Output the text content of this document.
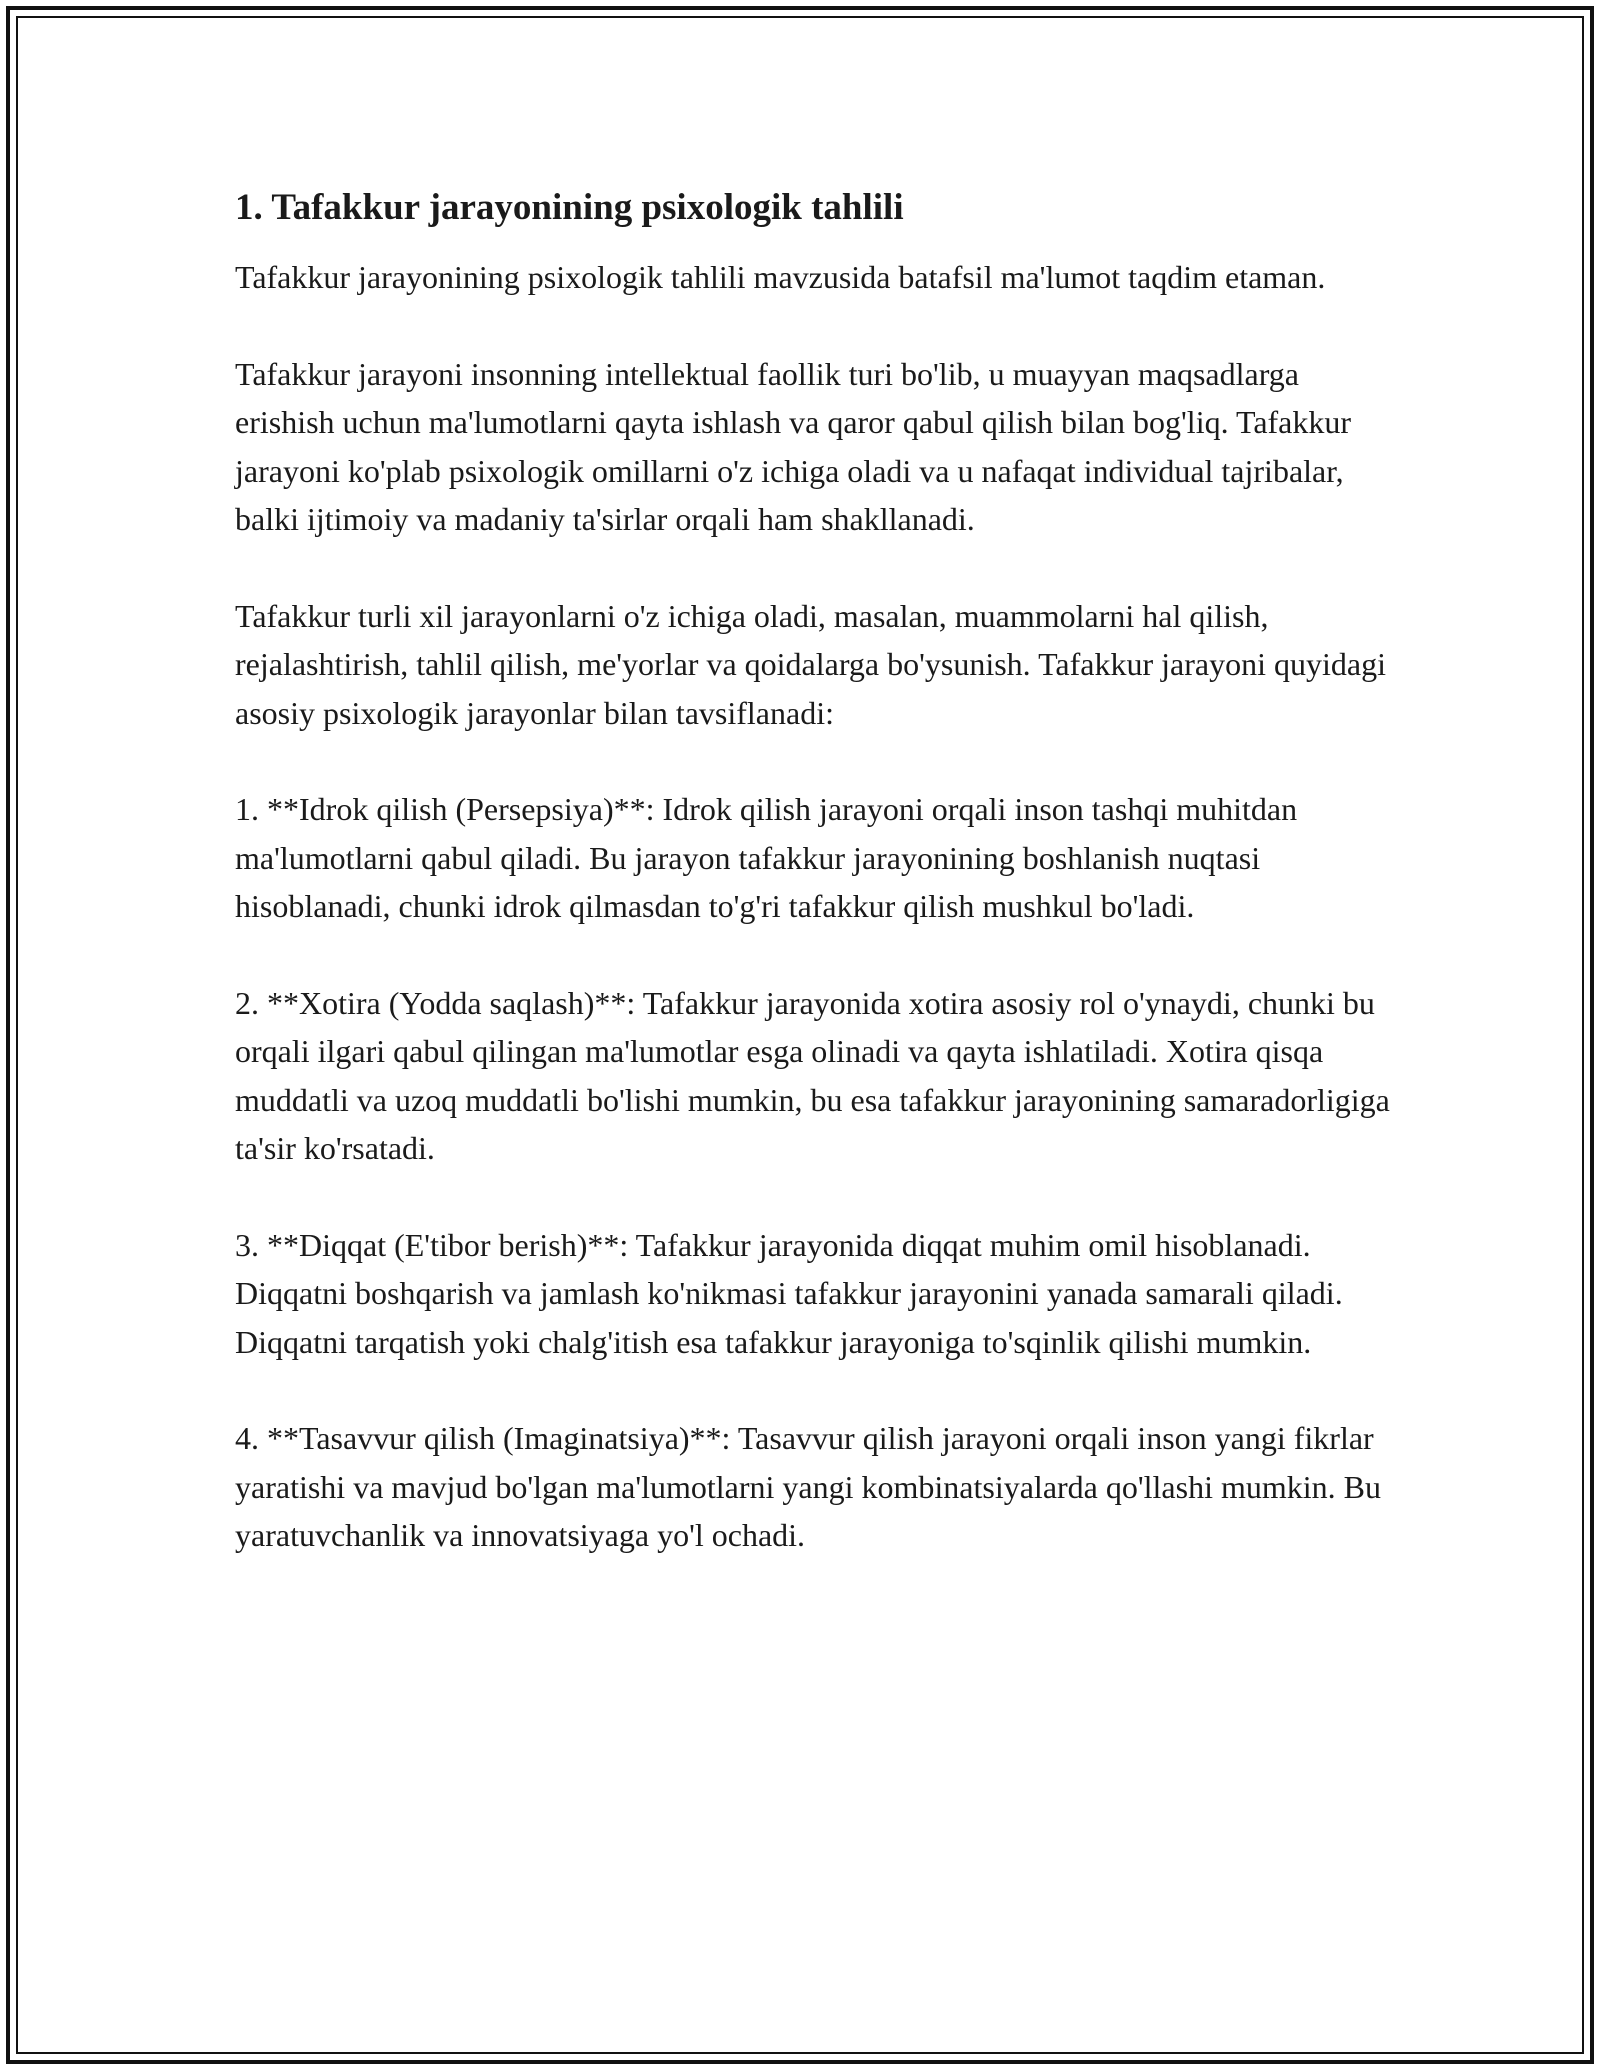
1. Tafakkur jarayonining psixologik tahlili

Tafakkur jarayonining psixologik tahlili mavzusida batafsil ma'lumot taqdim etaman.

Tafakkur jarayoni insonning intellektual faollik turi bo'lib, u muayyan maqsadlarga erishish uchun ma'lumotlarni qayta ishlash va qaror qabul qilish bilan bog'liq. Tafakkur jarayoni ko'plab psixologik omillarni o'z ichiga oladi va u nafaqat individual tajribalar, balki ijtimoiy va madaniy ta'sirlar orqali ham shakllanadi.

Tafakkur turli xil jarayonlarni o'z ichiga oladi, masalan, muammolarni hal qilish, rejalashtirish, tahlil qilish, me'yorlar va qoidalarga bo'ysunish. Tafakkur jarayoni quyidagi asosiy psixologik jarayonlar bilan tavsiflanadi:

1. **Idrok qilish (Persepsiya)**: Idrok qilish jarayoni orqali inson tashqi muhitdan ma'lumotlarni qabul qiladi. Bu jarayon tafakkur jarayonining boshlanish nuqtasi hisoblanadi, chunki idrok qilmasdan to'g'ri tafakkur qilish mushkul bo'ladi.

2. **Xotira (Yodda saqlash)**: Tafakkur jarayonida xotira asosiy rol o'ynaydi, chunki bu orqali ilgari qabul qilingan ma'lumotlar esga olinadi va qayta ishlatiladi. Xotira qisqa muddatli va uzoq muddatli bo'lishi mumkin, bu esa tafakkur jarayonining samaradorligiga ta'sir ko'rsatadi.

3. **Diqqat (E'tibor berish)**: Tafakkur jarayonida diqqat muhim omil hisoblanadi. Diqqatni boshqarish va jamlash ko'nikmasi tafakkur jarayonini yanada samarali qiladi. Diqqatni tarqatish yoki chalg'itish esa tafakkur jarayoniga to'sqinlik qilishi mumkin.

4. **Tasavvur qilish (Imaginatsiya)**: Tasavvur qilish jarayoni orqali inson yangi fikrlar yaratishi va mavjud bo'lgan ma'lumotlarni yangi kombinatsiyalarda qo'llashi mumkin. Bu yaratuvchanlik va innovatsiyaga yo'l ochadi.
